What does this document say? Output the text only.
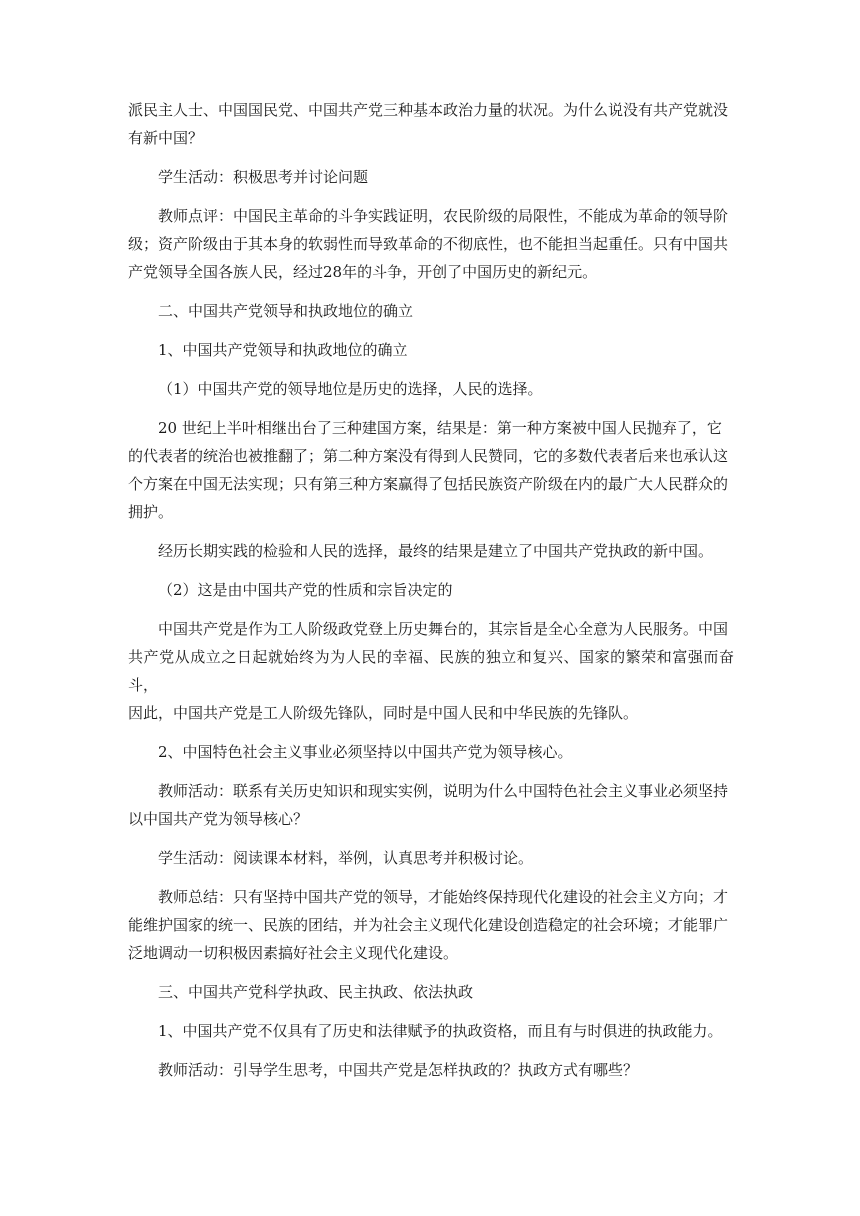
派民主人士、中国国民党、中国共产党三种基本政治力量的状况。为什么说没有共产党就没

有新中国？

学生活动：积极思考并讨论问题

教师点评：中国民主革命的斗争实践证明，农民阶级的局限性，不能成为革命的领导阶

级；资产阶级由于其本身的软弱性而导致革命的不彻底性，也不能担当起重任。只有中国共

产党领导全国各族人民，经过28年的斗争，开创了中国历史的新纪元。

二、中国共产党领导和执政地位的确立

1、中国共产党领导和执政地位的确立

（1）中国共产党的领导地位是历史的选择，人民的选择。

20 世纪上半叶相继出台了三种建国方案，结果是：第一种方案被中国人民抛弃了，它

的代表者的统治也被推翻了；第二种方案没有得到人民赞同，它的多数代表者后来也承认这

个方案在中国无法实现；只有第三种方案赢得了包括民族资产阶级在内的最广大人民群众的

拥护。

经历长期实践的检验和人民的选择，最终的结果是建立了中国共产党执政的新中国。

（2）这是由中国共产党的性质和宗旨决定的

中国共产党是作为工人阶级政党登上历史舞台的，其宗旨是全心全意为人民服务。中国

共产党从成立之日起就始终为为人民的幸福、民族的独立和复兴、国家的繁荣和富强而奋斗，

因此，中国共产党是工人阶级先锋队，同时是中国人民和中华民族的先锋队。

2、中国特色社会主义事业必须坚持以中国共产党为领导核心。

教师活动：联系有关历史知识和现实实例，说明为什么中国特色社会主义事业必须坚持

以中国共产党为领导核心？

学生活动：阅读课本材料，举例，认真思考并积极讨论。

教师总结：只有坚持中国共产党的领导，才能始终保持现代化建设的社会主义方向；才

能维护国家的统一、民族的团结，并为社会主义现代化建设创造稳定的社会环境；才能罪广

泛地调动一切积极因素搞好社会主义现代化建设。

三、中国共产党科学执政、民主执政、依法执政

1、中国共产党不仅具有了历史和法律赋予的执政资格，而且有与时俱进的执政能力。

教师活动：引导学生思考，中国共产党是怎样执政的？执政方式有哪些？
